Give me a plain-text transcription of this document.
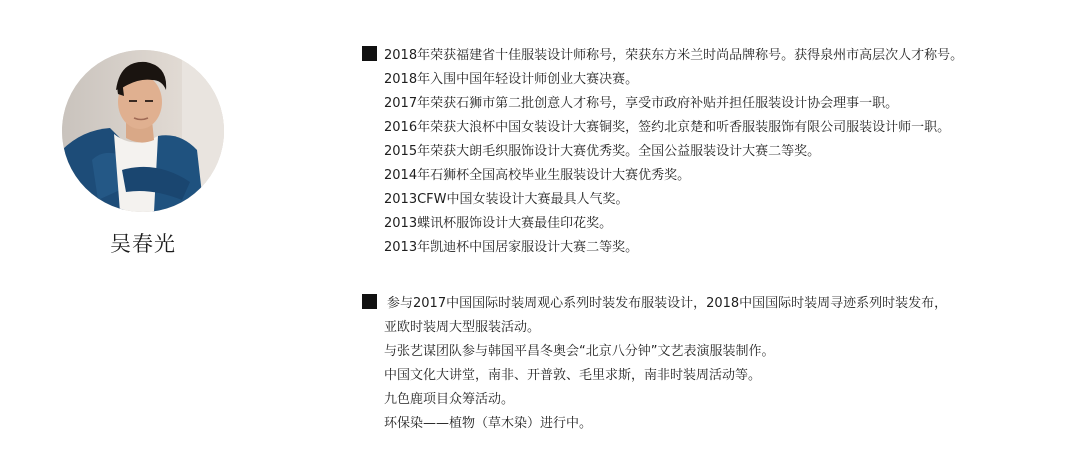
吴春光
2018年荣获福建省十佳服装设计师称号，荣获东方米兰时尚品牌称号。获得泉州市高层次人才称号。
2018年入围中国年轻设计师创业大赛决赛。
2017年荣获石狮市第二批创意人才称号，享受市政府补贴并担任服装设计协会理事一职。
2016年荣获大浪杯中国女装设计大赛铜奖，签约北京楚和听香服装服饰有限公司服装设计师一职。
2015年荣获大朗毛织服饰设计大赛优秀奖。全国公益服装设计大赛二等奖。
2014年石狮杯全国高校毕业生服装设计大赛优秀奖。
2013CFW中国女装设计大赛最具人气奖。
2013蝶讯杯服饰设计大赛最佳印花奖。
2013年凯迪杯中国居家服设计大赛二等奖。
参与2017中国国际时装周观心系列时装发布服装设计，2018中国国际时装周寻迹系列时装发布，
亚欧时装周大型服装活动。
与张艺谋团队参与韩国平昌冬奥会“北京八分钟”文艺表演服装制作。
中国文化大讲堂，南非、开普敦、毛里求斯，南非时装周活动等。
九色鹿项目众筹活动。
环保染——植物（草木染）进行中。
